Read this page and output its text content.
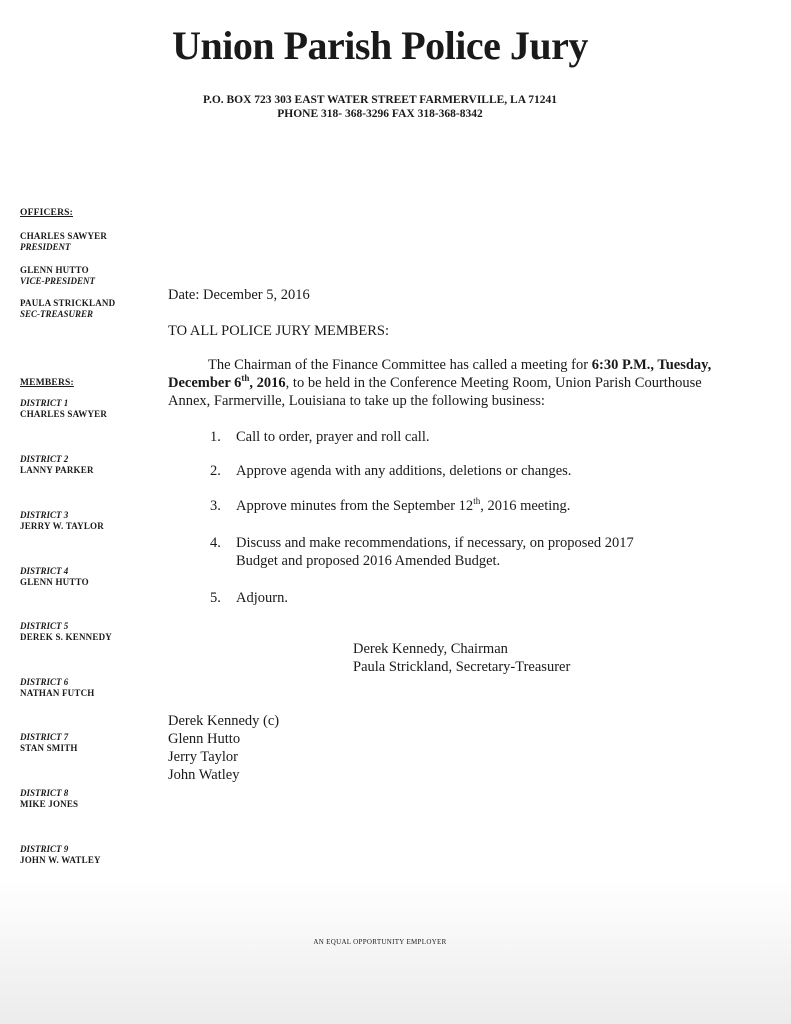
Union Parish Police Jury
P.O. BOX 723 303 EAST WATER STREET FARMERVILLE, LA 71241
PHONE 318- 368-3296 FAX 318-368-8342
OFFICERS:
CHARLES SAWYER
PRESIDENT
GLENN HUTTO
VICE-PRESIDENT
PAULA STRICKLAND
SEC-TREASURER
MEMBERS:
DISTRICT 1
CHARLES SAWYER
DISTRICT 2
LANNY PARKER
DISTRICT 3
JERRY W. TAYLOR
DISTRICT 4
GLENN HUTTO
DISTRICT 5
DEREK S. KENNEDY
DISTRICT 6
NATHAN FUTCH
DISTRICT 7
STAN SMITH
DISTRICT 8
MIKE JONES
DISTRICT 9
JOHN W. WATLEY
Date: December 5, 2016
TO ALL POLICE JURY MEMBERS:
The Chairman of the Finance Committee has called a meeting for 6:30 P.M., Tuesday, December 6th, 2016, to be held in the Conference Meeting Room, Union Parish Courthouse Annex, Farmerville, Louisiana to take up the following business:
1.	Call to order, prayer and roll call.
2.	Approve agenda with any additions, deletions or changes.
3.	Approve minutes from the September 12th, 2016 meeting.
4.	Discuss and make recommendations, if necessary, on proposed 2017 Budget and proposed 2016 Amended Budget.
5.	Adjourn.
Derek Kennedy, Chairman
Paula Strickland, Secretary-Treasurer
Derek Kennedy (c)
Glenn Hutto
Jerry Taylor
John Watley
AN EQUAL OPPORTUNITY EMPLOYER
